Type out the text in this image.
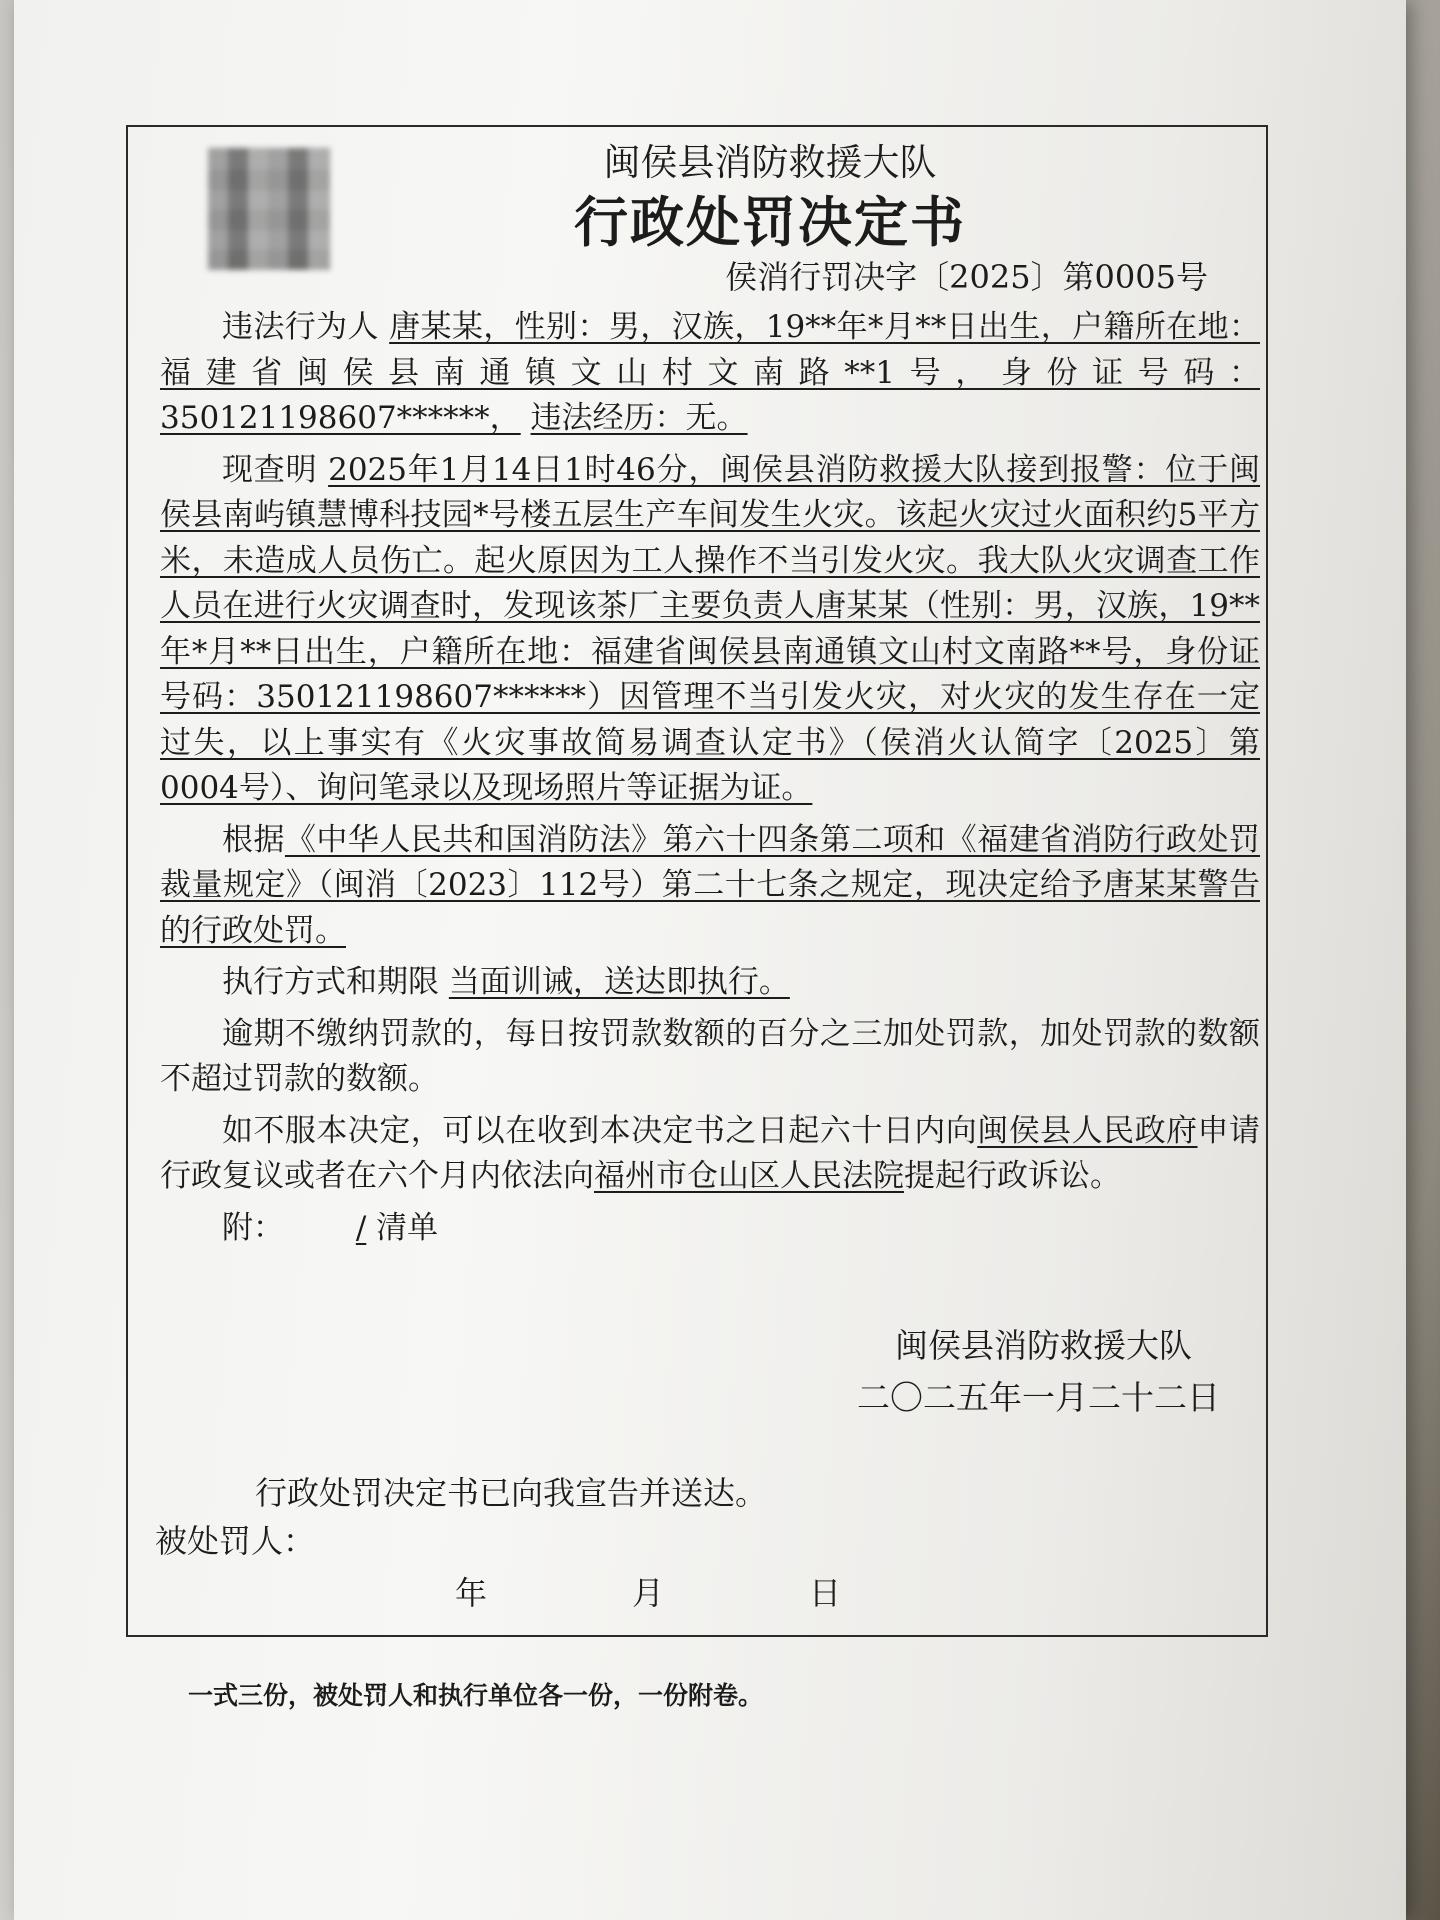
闽侯县消防救援大队
行政处罚决定书
侯消行罚决字〔2025〕第0005号

违法行为人 唐某某，性别：男，汉族，19**年*月**日出生，户籍所在地： 福建省闽侯县南通镇文山村文南路**1号，身份证号码：350121198607******， 违法经历：无。

现查明 2025年1月14日1时46分，闽侯县消防救援大队接到报警：位于闽侯县南屿镇慧博科技园*号楼五层生产车间发生火灾。该起火灾过火面积约5平方米，未造成人员伤亡。起火原因为工人操作不当引发火灾。我大队火灾调查工作人员在进行火灾调查时，发现该茶厂主要负责人唐某某（性别：男，汉族，19**年*月**日出生，户籍所在地：福建省闽侯县南通镇文山村文南路**号，身份证号码：350121198607******）因管理不当引发火灾，对火灾的发生存在一定过失，以上事实有《火灾事故简易调查认定书》（侯消火认简字〔2025〕第0004号）、询问笔录以及现场照片等证据为证。

根据《中华人民共和国消防法》第六十四条第二项和《福建省消防行政处罚裁量规定》（闽消〔2023〕112号）第二十七条之规定，现决定给予唐某某警告的行政处罚。

执行方式和期限 当面训诫，送达即执行。

逾期不缴纳罚款的，每日按罚款数额的百分之三加处罚款，加处罚款的数额不超过罚款的数额。

如不服本决定，可以在收到本决定书之日起六十日内向闽侯县人民政府申请行政复议或者在六个月内依法向福州市仓山区人民法院提起行政诉讼。

附： / 清单

闽侯县消防救援大队
二〇二五年一月二十二日
行政处罚决定书已向我宣告并送达。
被处罚人：
年	月	日
一式三份，被处罚人和执行单位各一份，一份附卷。
